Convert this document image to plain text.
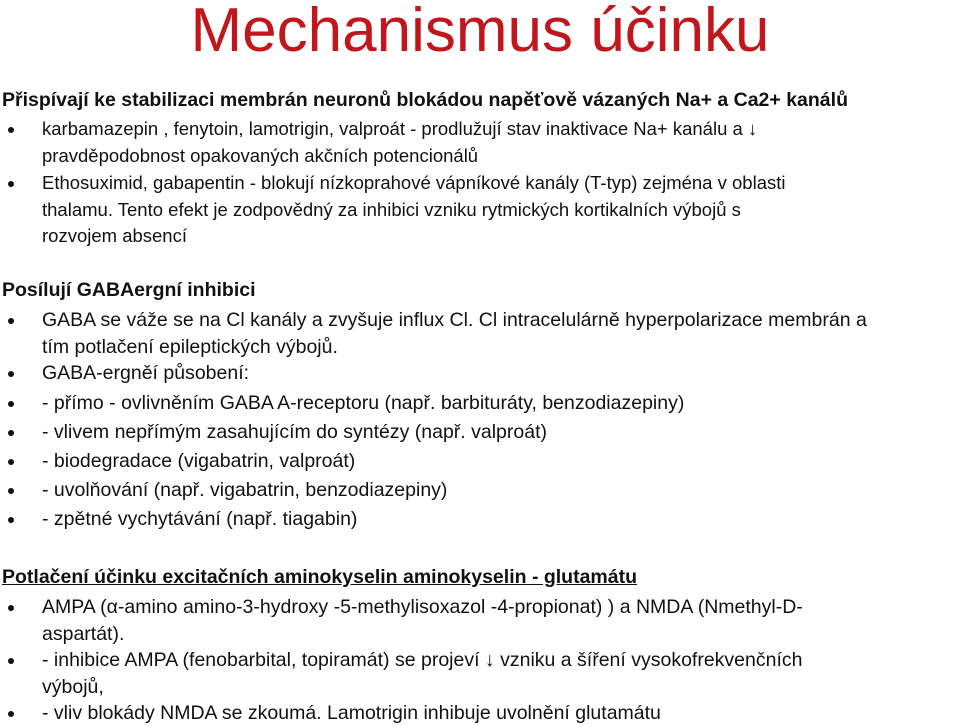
Mechanismus účinku
Přispívají ke stabilizaci membrán neuronů blokádou napěťově vázaných Na+ a Ca2+ kanálů
karbamazepin , fenytoin, lamotrigin, valproát - prodlužují stav inaktivace Na+ kanálu a ↓
pravděpodobnost opakovaných akčních potencionálů
Ethosuximid, gabapentin - blokují nízkoprahové vápníkové kanály (T-typ) zejména v oblasti
thalamu. Tento efekt je zodpovědný za inhibici vzniku rytmických kortikalních výbojů s
rozvojem absencí
Posílují GABAergní inhibici
GABA se váže se na Cl kanály a zvyšuje influx Cl. Cl intracelulárně hyperpolarizace membrán a
tím potlačení epileptických výbojů.
GABA-ergněí působení:
- přímo - ovlivněním GABA A-receptoru (např. barbituráty, benzodiazepiny)
- vlivem nepřímým zasahujícím do syntézy (např. valproát)
- biodegradace (vigabatrin, valproát)
- uvolňování (např. vigabatrin, benzodiazepiny)
- zpětné vychytávání (např. tiagabin)
Potlačení účinku excitačních aminokyselin aminokyselin - glutamátu
AMPA (α-amino amino-3-hydroxy -5-methylisoxazol -4-propionat) ) a NMDA (Nmethyl-D-
aspartát).
- inhibice AMPA (fenobarbital, topiramát) se projeví ↓ vzniku a šíření vysokofrekvenčních
výbojů,
- vliv blokády NMDA se zkoumá. Lamotrigin inhibuje uvolnění glutamátu
